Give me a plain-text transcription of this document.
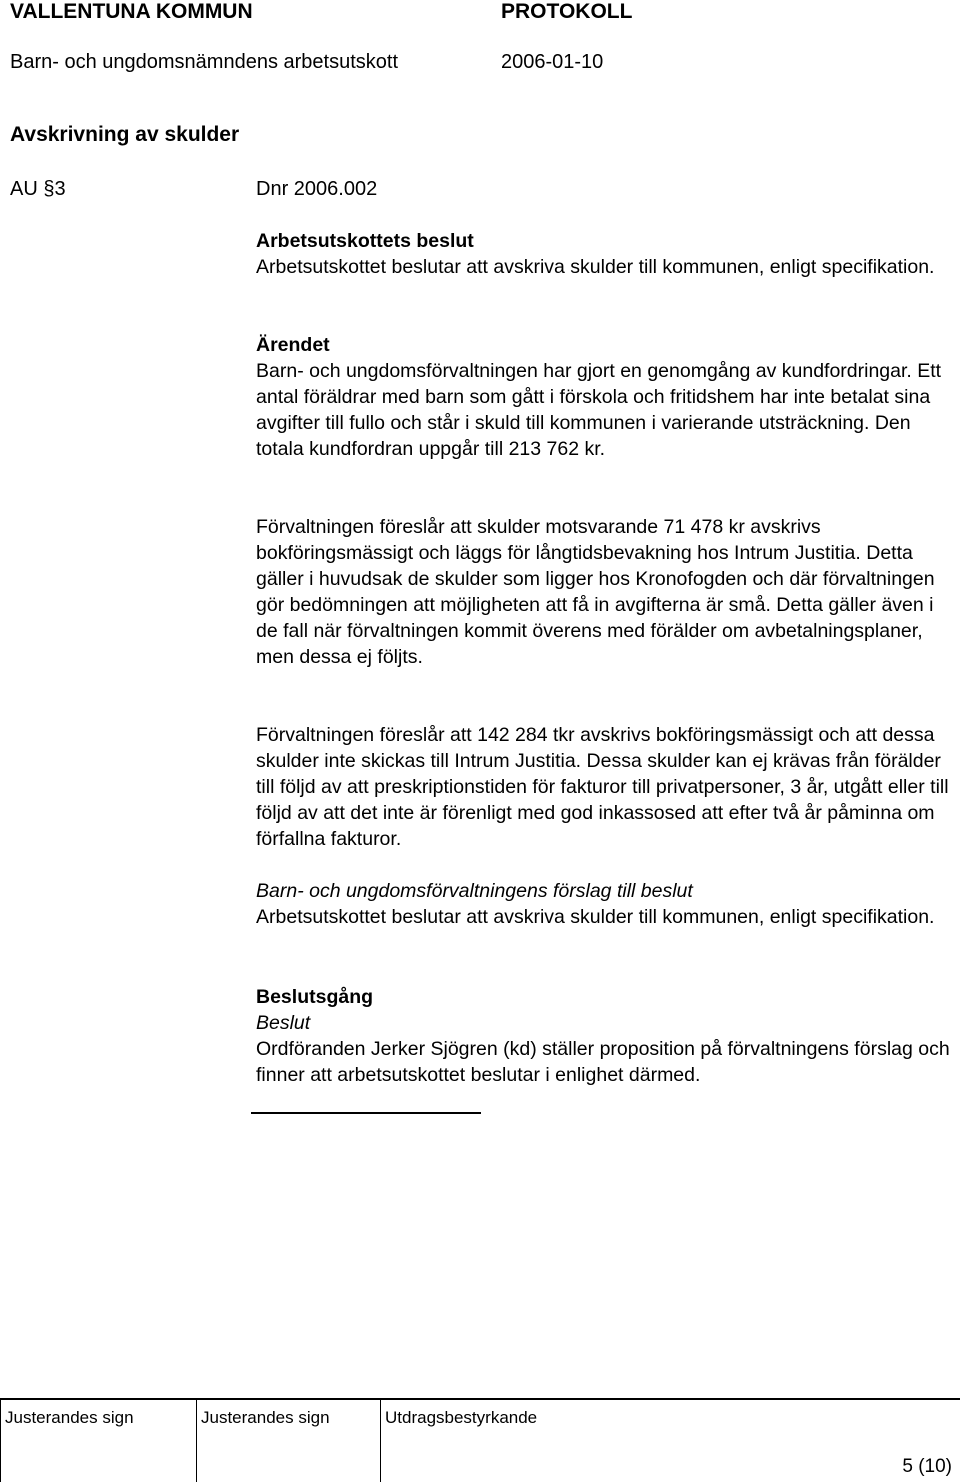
VALLENTUNA KOMMUN	PROTOKOLL
Barn- och ungdomsnämndens arbetsutskott	2006-01-10
Avskrivning av skulder
AU §3	Dnr 2006.002

Arbetsutskottets beslut

Arbetsutskottet beslutar att avskriva skulder till kommunen, enligt specifikation.

Ärendet

Barn- och ungdomsförvaltningen har gjort en genomgång av kundfordringar. Ett antal föräldrar med barn som gått i förskola och fritidshem har inte betalat sina avgifter till fullo och står i skuld till kommunen i varierande utsträckning. Den totala kundfordran uppgår till 213 762 kr.

Förvaltningen föreslår att skulder motsvarande 71 478 kr avskrivs bokföringsmässigt och läggs för långtidsbevakning hos Intrum Justitia. Detta gäller i huvudsak de skulder som ligger hos Kronofogden och där förvaltningen gör bedömningen att möjligheten att få in avgifterna är små. Detta gäller även i de fall när förvaltningen kommit överens med förälder om avbetalningsplaner, men dessa ej följts.

Förvaltningen föreslår att 142 284 tkr avskrivs bokföringsmässigt och att dessa skulder inte skickas till Intrum Justitia. Dessa skulder kan ej krävas från förälder till följd av att preskriptionstiden för fakturor till privatpersoner, 3 år, utgått eller till följd av att det inte är förenligt med god inkassosed att efter två år påminna om förfallna fakturor.

Barn- och ungdomsförvaltningens förslag till beslut

Arbetsutskottet beslutar att avskriva skulder till kommunen, enligt specifikation.

Beslutsgång

Beslut

Ordföranden Jerker Sjögren (kd) ställer proposition på förvaltningens förslag och finner att arbetsutskottet beslutar i enlighet därmed.

Justerandes sign	Justerandes sign	Utdragsbestyrkande
5 (10)
